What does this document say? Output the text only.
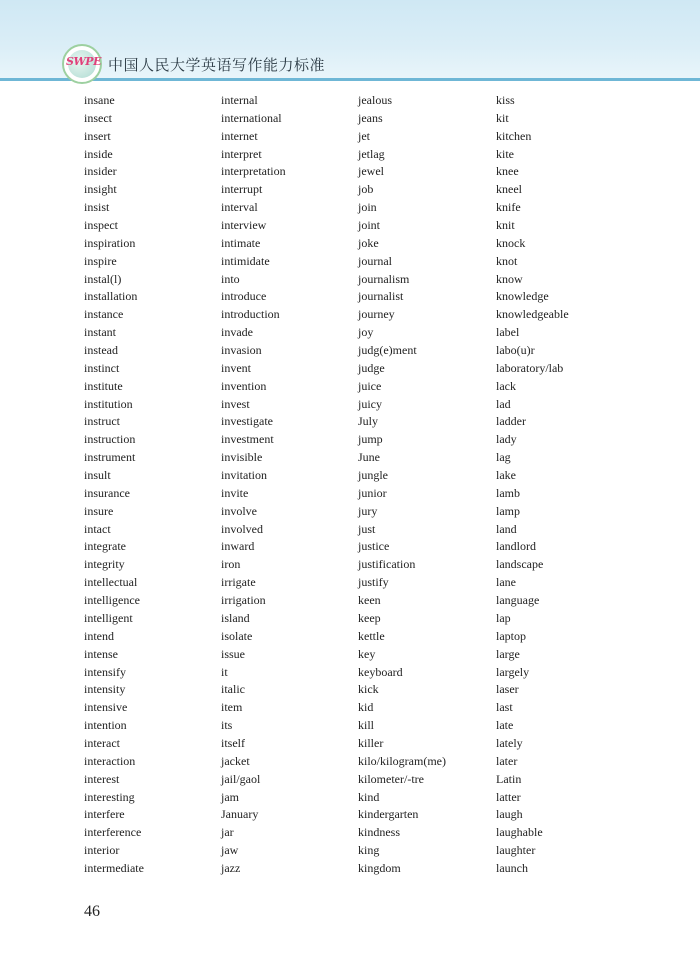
SWPE 中国人民大学英语写作能力标准
insane
insect
insert
inside
insider
insight
insist
inspect
inspiration
inspire
instal(l)
installation
instance
instant
instead
instinct
institute
institution
instruct
instruction
instrument
insult
insurance
insure
intact
integrate
integrity
intellectual
intelligence
intelligent
intend
intense
intensify
intensity
intensive
intention
interact
interaction
interest
interesting
interfere
interference
interior
intermediate
internal
international
internet
interpret
interpretation
interrupt
interval
interview
intimate
intimidate
into
introduce
introduction
invade
invasion
invent
invention
invest
investigate
investment
invisible
invitation
invite
involve
involved
inward
iron
irrigate
irrigation
island
isolate
issue
it
italic
item
its
itself
jacket
jail/gaol
jam
January
jar
jaw
jazz
jealous
jeans
jet
jetlag
jewel
job
join
joint
joke
journal
journalism
journalist
journey
joy
judg(e)ment
judge
juice
juicy
July
jump
June
jungle
junior
jury
just
justice
justification
justify
keen
keep
kettle
key
keyboard
kick
kid
kill
killer
kilo/kilogram(me)
kilometer/-tre
kind
kindergarten
kindness
king
kingdom
kiss
kit
kitchen
kite
knee
kneel
knife
knit
knock
knot
know
knowledge
knowledgeable
label
labo(u)r
laboratory/lab
lack
lad
ladder
lady
lag
lake
lamb
lamp
land
landlord
landscape
lane
language
lap
laptop
large
largely
laser
last
late
lately
later
Latin
latter
laugh
laughable
laughter
launch
46
